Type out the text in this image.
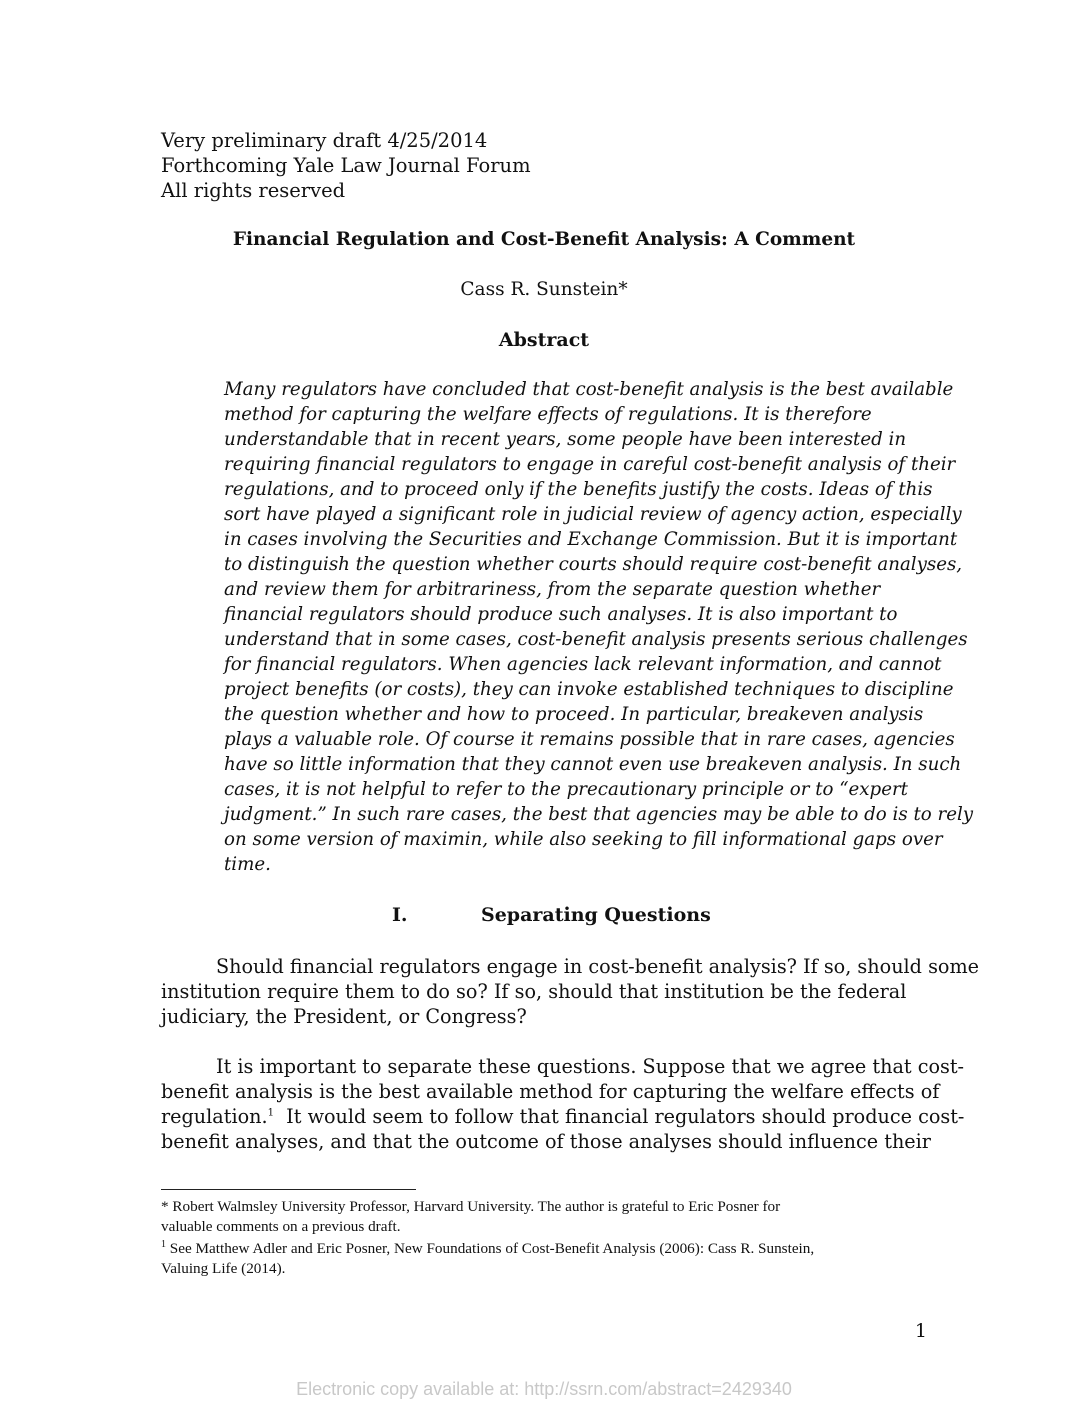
Very preliminary draft 4/25/2014
Forthcoming Yale Law Journal Forum
All rights reserved
Financial Regulation and Cost-Benefit Analysis: A Comment
Cass R. Sunstein*
Abstract
Many regulators have concluded that cost-benefit analysis is the best available
method for capturing the welfare effects of regulations. It is therefore
understandable that in recent years, some people have been interested in
requiring financial regulators to engage in careful cost-benefit analysis of their
regulations, and to proceed only if the benefits justify the costs. Ideas of this
sort have played a significant role in judicial review of agency action, especially
in cases involving the Securities and Exchange Commission. But it is important
to distinguish the question whether courts should require cost-benefit analyses,
and review them for arbitrariness, from the separate question whether
financial regulators should produce such analyses. It is also important to
understand that in some cases, cost-benefit analysis presents serious challenges
for financial regulators. When agencies lack relevant information, and cannot
project benefits (or costs), they can invoke established techniques to discipline
the question whether and how to proceed. In particular, breakeven analysis
plays a valuable role. Of course it remains possible that in rare cases, agencies
have so little information that they cannot even use breakeven analysis. In such
cases, it is not helpful to refer to the precautionary principle or to “expert
judgment.” In such rare cases, the best that agencies may be able to do is to rely
on some version of maximin, while also seeking to fill informational gaps over
time.
I.	Separating Questions
Should financial regulators engage in cost-benefit analysis? If so, should some
institution require them to do so? If so, should that institution be the federal
judiciary, the President, or Congress?
It is important to separate these questions. Suppose that we agree that cost-
benefit analysis is the best available method for capturing the welfare effects of
regulation.$^1$  It would seem to follow that financial regulators should produce cost-
benefit analyses, and that the outcome of those analyses should influence their
* Robert Walmsley University Professor, Harvard University. The author is grateful to Eric Posner for
valuable comments on a previous draft.
$^1$ See Matthew Adler and Eric Posner, New Foundations of Cost-Benefit Analysis (2006): Cass R. Sunstein,
Valuing Life (2014).
1
Electronic copy available at: http://ssrn.com/abstract=2429340
